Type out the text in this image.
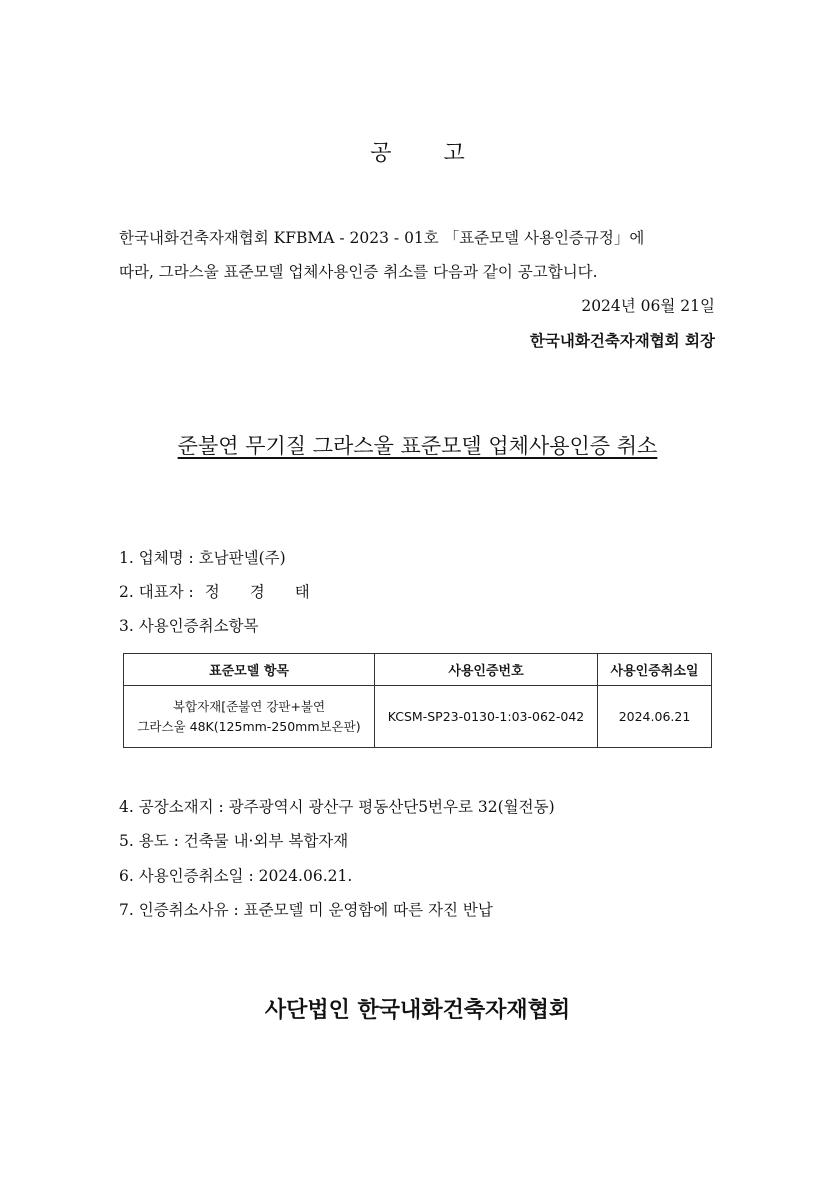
공 고
한국내화건축자재협회 KFBMA - 2023 - 01호 「표준모델 사용인증규정」에
따라, 그라스울 표준모델 업체사용인증 취소를 다음과 같이 공고합니다.
2024년 06월 21일
한국내화건축자재협회 회장
준불연 무기질 그라스울 표준모델 업체사용인증 취소
1. 업체명 : 호남판넬(주)
2. 대표자 : 정 경 태
3. 사용인증취소항목
표준모델 항목	사용인증번호	사용인증취소일

복합자재[준불연 강판+불연
그라스울 48K(125mm-250mm보온판)	KCSM-SP23-0130-1:03-062-042	2024.06.21
4. 공장소재지 : 광주광역시 광산구 평동산단5번우로 32(월전동)
5. 용도 : 건축물 내·외부 복합자재
6. 사용인증취소일 : 2024.06.21.
7. 인증취소사유 : 표준모델 미 운영함에 따른 자진 반납
사단법인 한국내화건축자재협회
